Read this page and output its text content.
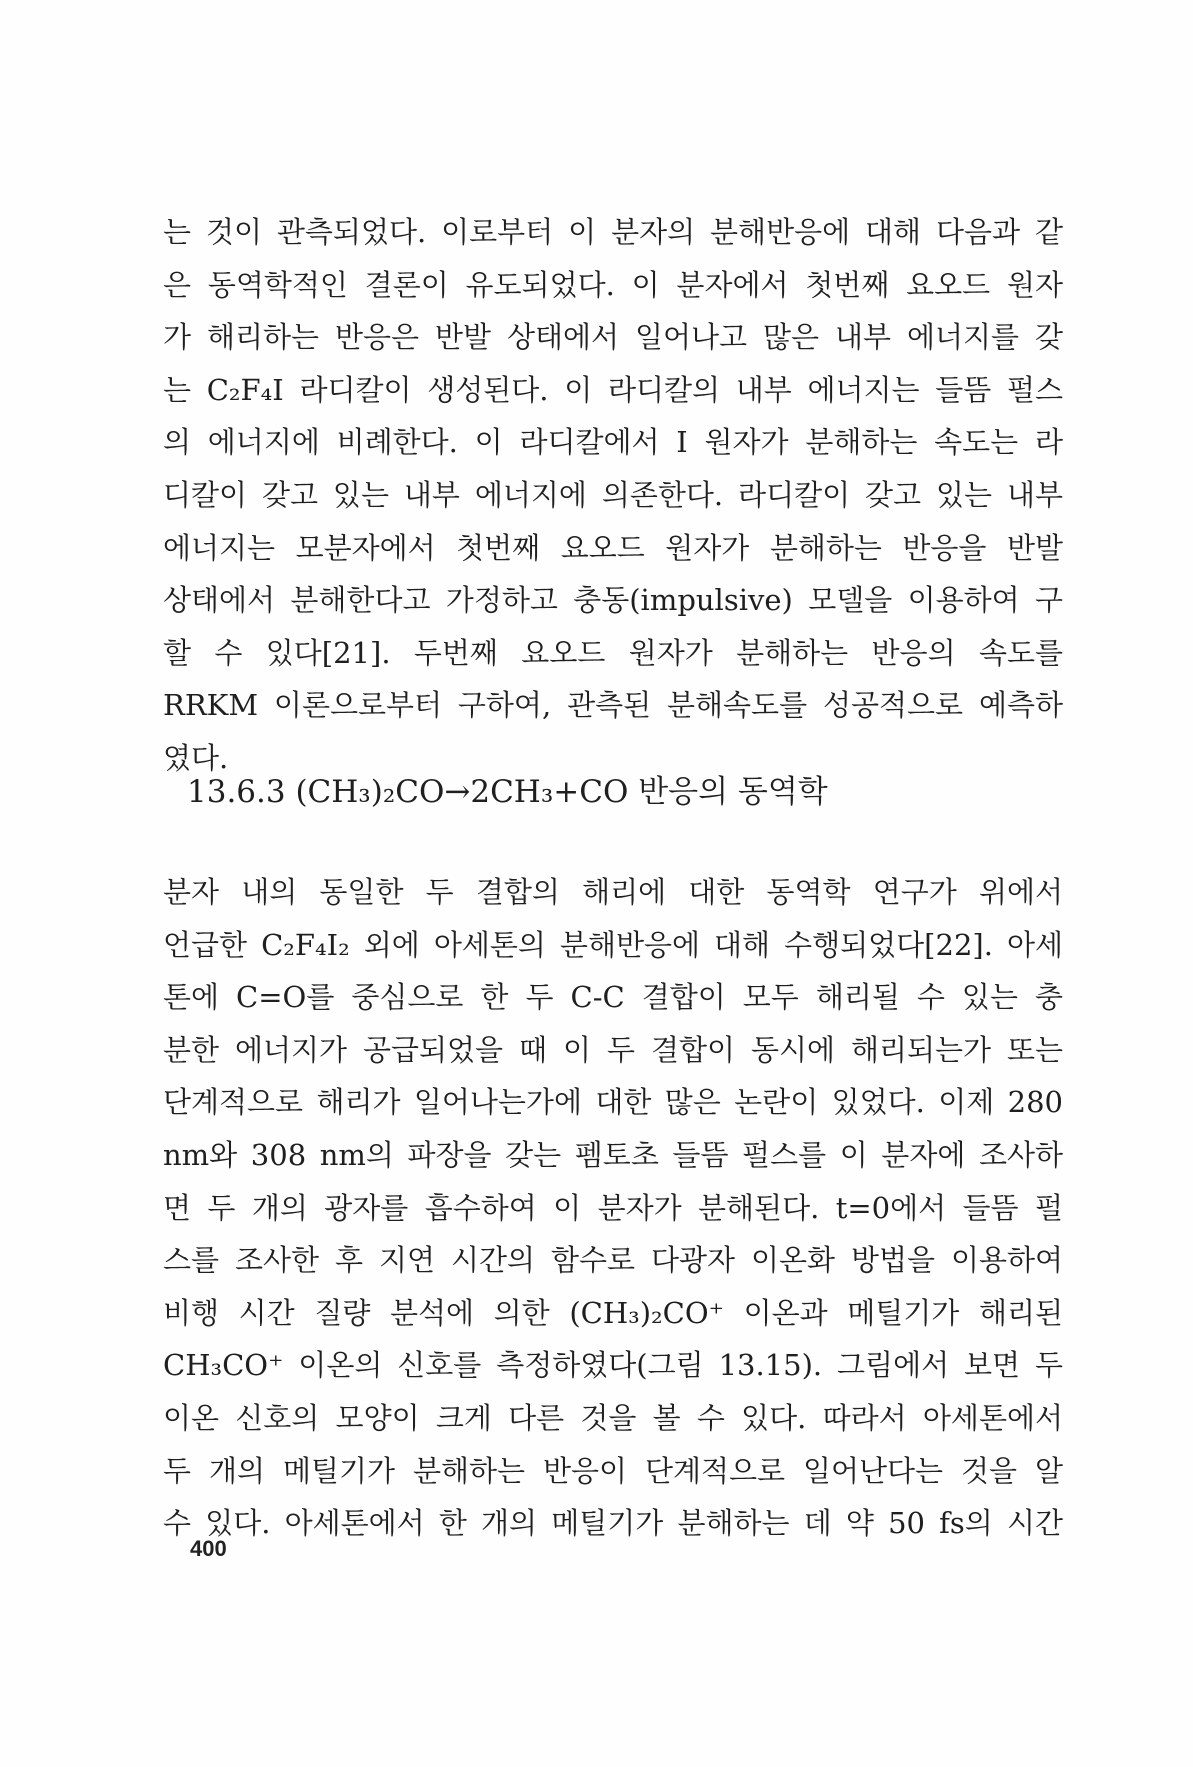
는 것이 관측되었다. 이로부터 이 분자의 분해반응에 대해 다음과 같
은 동역학적인 결론이 유도되었다. 이 분자에서 첫번째 요오드 원자
가 해리하는 반응은 반발 상태에서 일어나고 많은 내부 에너지를 갖
는 C₂F₄I 라디칼이 생성된다. 이 라디칼의 내부 에너지는 들뜸 펄스
의 에너지에 비례한다. 이 라디칼에서 I 원자가 분해하는 속도는 라
디칼이 갖고 있는 내부 에너지에 의존한다. 라디칼이 갖고 있는 내부
에너지는 모분자에서 첫번째 요오드 원자가 분해하는 반응을 반발
상태에서 분해한다고 가정하고 충동(impulsive) 모델을 이용하여 구
할 수 있다[21]. 두번째 요오드 원자가 분해하는 반응의 속도를
RRKM 이론으로부터 구하여, 관측된 분해속도를 성공적으로 예측하
였다.
13.6.3 (CH₃)₂CO→2CH₃+CO 반응의 동역학
분자 내의 동일한 두 결합의 해리에 대한 동역학 연구가 위에서
언급한 C₂F₄I₂ 외에 아세톤의 분해반응에 대해 수행되었다[22]. 아세
톤에 C=O를 중심으로 한 두 C-C 결합이 모두 해리될 수 있는 충
분한 에너지가 공급되었을 때 이 두 결합이 동시에 해리되는가 또는
단계적으로 해리가 일어나는가에 대한 많은 논란이 있었다. 이제 280
nm와 308 nm의 파장을 갖는 펨토초 들뜸 펄스를 이 분자에 조사하
면 두 개의 광자를 흡수하여 이 분자가 분해된다. t=0에서 들뜸 펄
스를 조사한 후 지연 시간의 함수로 다광자 이온화 방법을 이용하여
비행 시간 질량 분석에 의한 (CH₃)₂CO⁺ 이온과 메틸기가 해리된
CH₃CO⁺ 이온의 신호를 측정하였다(그림 13.15). 그림에서 보면 두
이온 신호의 모양이 크게 다른 것을 볼 수 있다. 따라서 아세톤에서
두 개의 메틸기가 분해하는 반응이 단계적으로 일어난다는 것을 알
수 있다. 아세톤에서 한 개의 메틸기가 분해하는 데 약 50 fs의 시간
400
